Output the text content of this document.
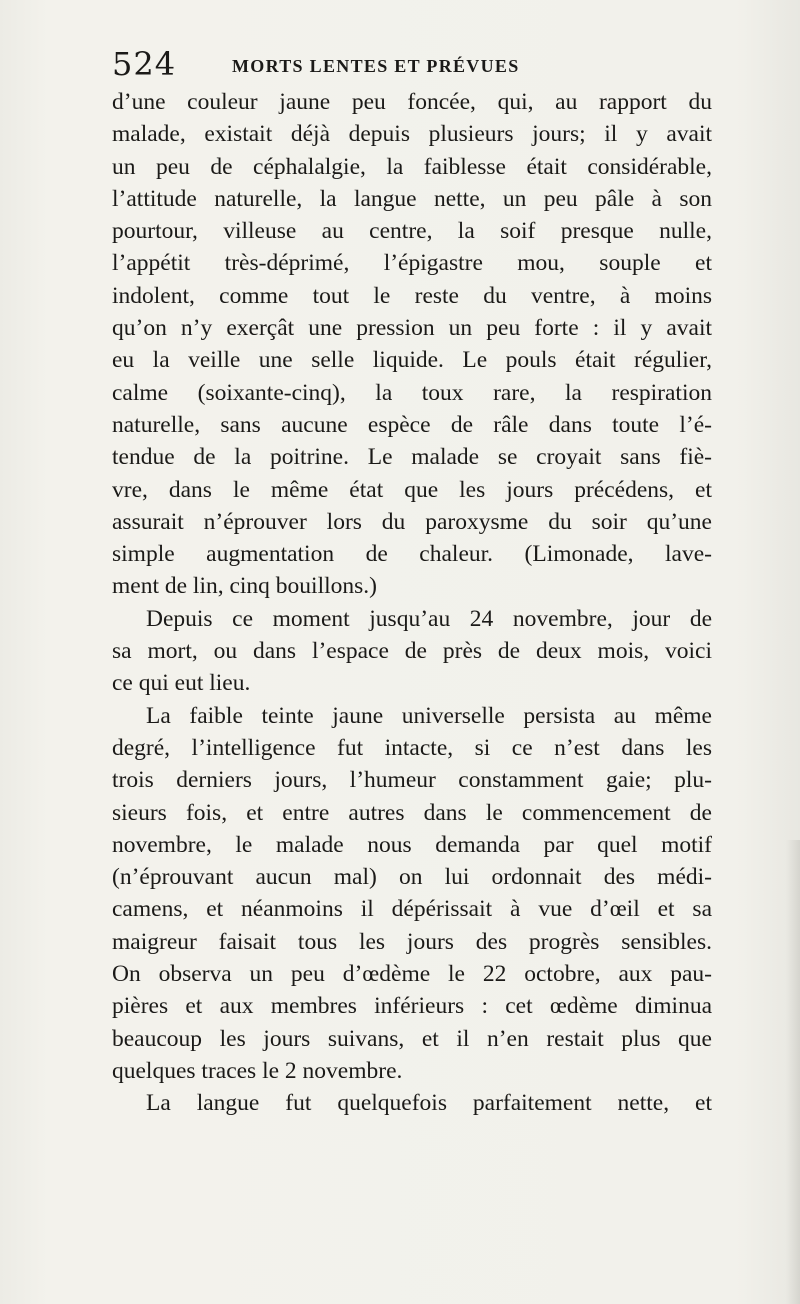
524	MORTS LENTES ET PRÉVUES
d’une couleur jaune peu foncée, qui, au rapport du
malade, existait déjà depuis plusieurs jours; il y avait
un peu de céphalalgie, la faiblesse était considérable,
l’attitude naturelle, la langue nette, un peu pâle à son
pourtour, villeuse au centre, la soif presque nulle,
l’appétit très-déprimé, l’épigastre mou, souple et
indolent, comme tout le reste du ventre, à moins
qu’on n’y exerçât une pression un peu forte : il y avait
eu la veille une selle liquide. Le pouls était régulier,
calme (soixante-cinq), la toux rare, la respiration
naturelle, sans aucune espèce de râle dans toute l’é-
tendue de la poitrine. Le malade se croyait sans fiè-
vre, dans le même état que les jours précédens, et
assurait n’éprouver lors du paroxysme du soir qu’une
simple augmentation de chaleur. (Limonade, lave-
ment de lin, cinq bouillons.)
Depuis ce moment jusqu’au 24 novembre, jour de
sa mort, ou dans l’espace de près de deux mois, voici
ce qui eut lieu.
La faible teinte jaune universelle persista au même
degré, l’intelligence fut intacte, si ce n’est dans les
trois derniers jours, l’humeur constamment gaie; plu-
sieurs fois, et entre autres dans le commencement de
novembre, le malade nous demanda par quel motif
(n’éprouvant aucun mal) on lui ordonnait des médi-
camens, et néanmoins il dépérissait à vue d’œil et sa
maigreur faisait tous les jours des progrès sensibles.
On observa un peu d’œdème le 22 octobre, aux pau-
pières et aux membres inférieurs : cet œdème diminua
beaucoup les jours suivans, et il n’en restait plus que
quelques traces le 2 novembre.
La langue fut quelquefois parfaitement nette, et
